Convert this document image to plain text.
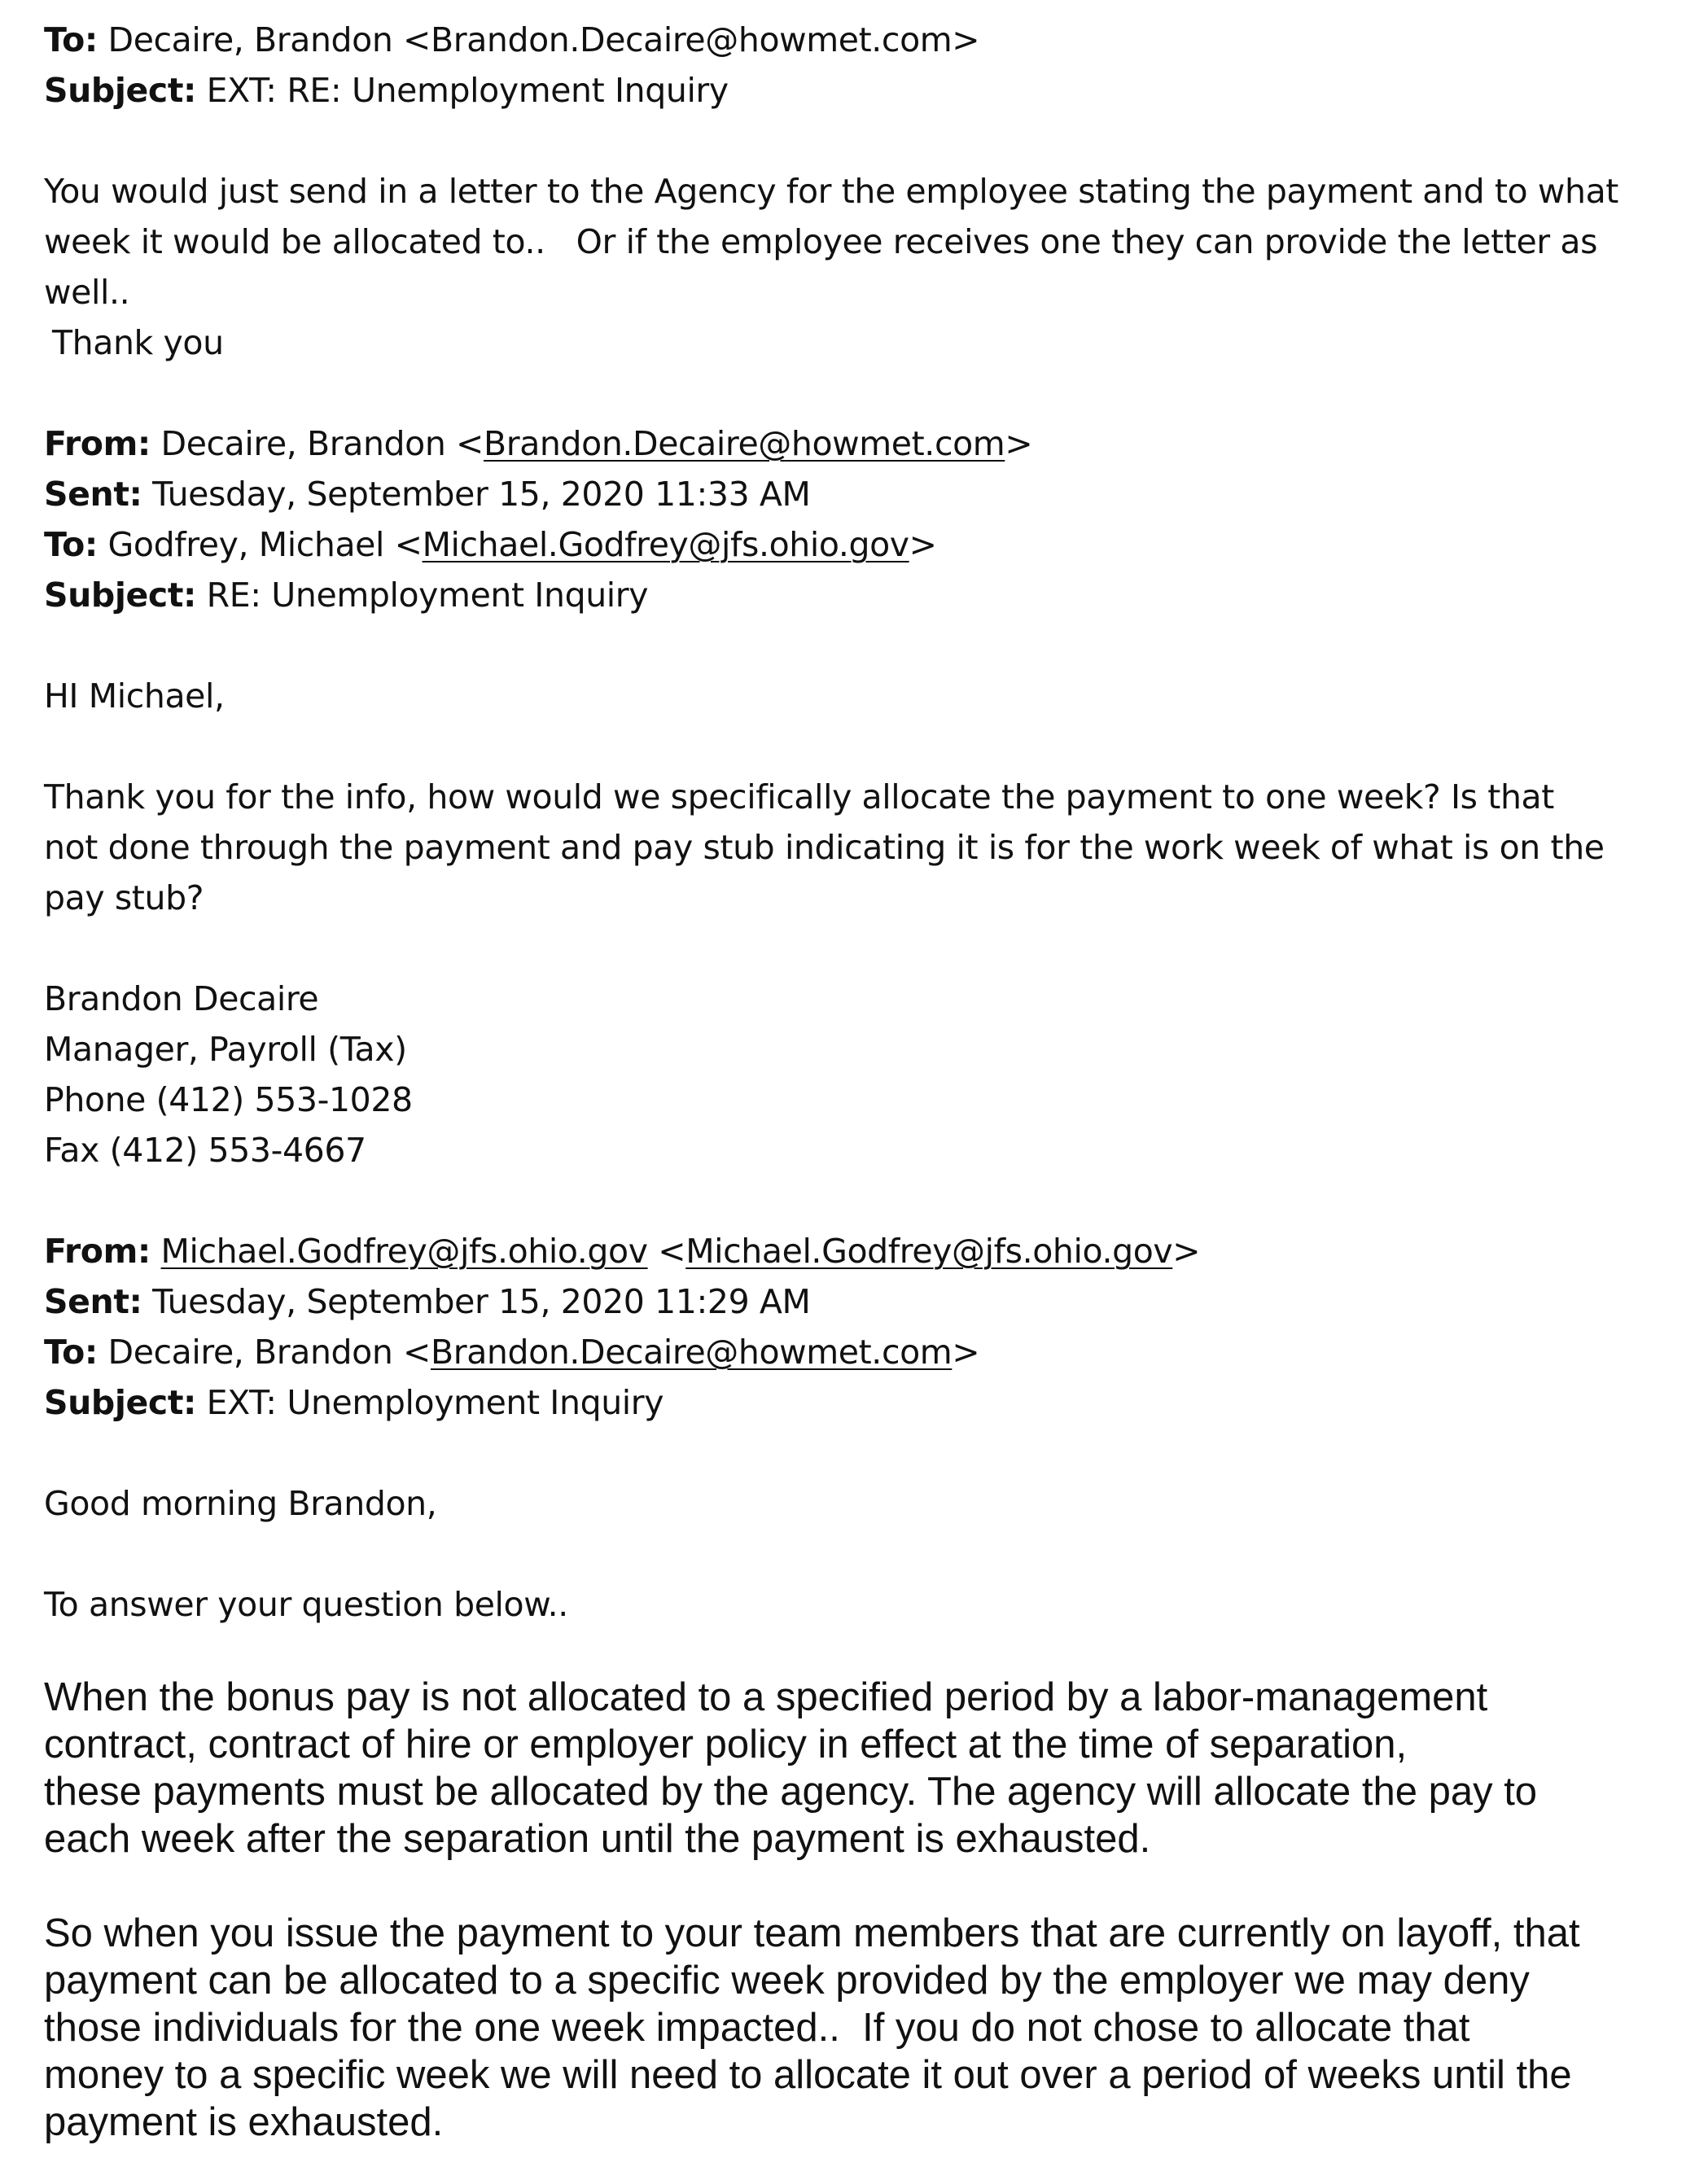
To: Decaire, Brandon <Brandon.Decaire@howmet.com>
Subject: EXT: RE: Unemployment Inquiry
You would just send in a letter to the Agency for the employee stating the payment and to what
week it would be allocated to..   Or if the employee receives one they can provide the letter as
well..
Thank you
From: Decaire, Brandon <Brandon.Decaire@howmet.com>
Sent: Tuesday, September 15, 2020 11:33 AM
To: Godfrey, Michael <Michael.Godfrey@jfs.ohio.gov>
Subject: RE: Unemployment Inquiry
HI Michael,
Thank you for the info, how would we specifically allocate the payment to one week? Is that
not done through the payment and pay stub indicating it is for the work week of what is on the
pay stub?
Brandon Decaire
Manager, Payroll (Tax)
Phone (412) 553-1028
Fax (412) 553-4667
From: Michael.Godfrey@jfs.ohio.gov <Michael.Godfrey@jfs.ohio.gov>
Sent: Tuesday, September 15, 2020 11:29 AM
To: Decaire, Brandon <Brandon.Decaire@howmet.com>
Subject: EXT: Unemployment Inquiry
Good morning Brandon,
To answer your question below..
When the bonus pay is not allocated to a specified period by a labor-management
contract, contract of hire or employer policy in effect at the time of separation,
these payments must be allocated by the agency. The agency will allocate the pay to
each week after the separation until the payment is exhausted.
So when you issue the payment to your team members that are currently on layoff, that
payment can be allocated to a specific week provided by the employer we may deny
those individuals for the one week impacted..  If you do not chose to allocate that
money to a specific week we will need to allocate it out over a period of weeks until the
payment is exhausted.
